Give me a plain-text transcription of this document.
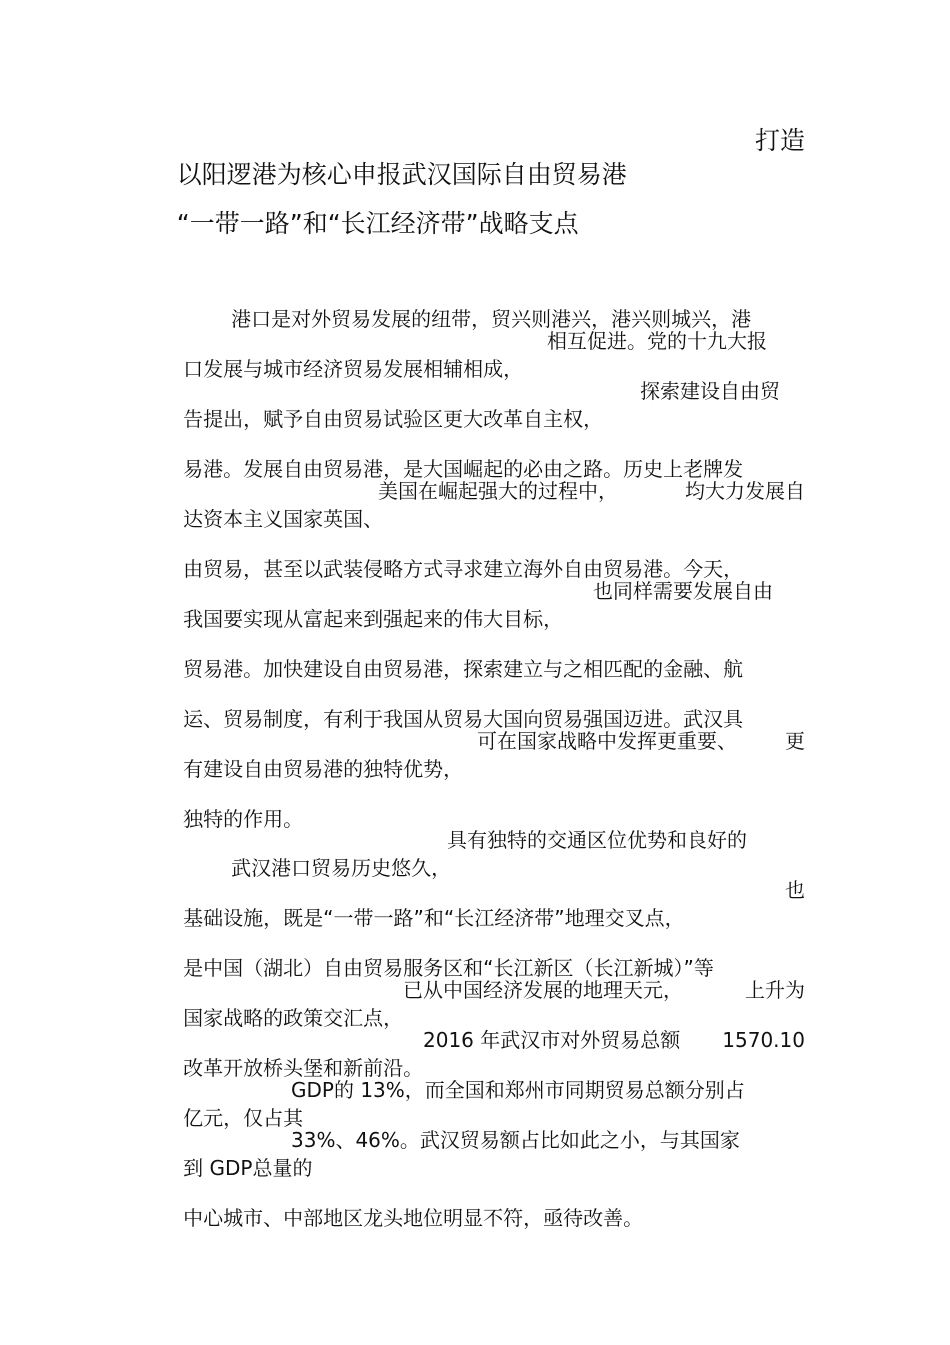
以阳逻港为核心申报武汉国际自由贸易港

打造

“一带一路”和“长江经济带”战略支点

港口是对外贸易发展的纽带，贸兴则港兴，港兴则城兴，港

口发展与城市经济贸易发展相辅相成，

相互促进。党的十九大报

告提出，赋予自由贸易试验区更大改革自主权，

探索建设自由贸

易港。发展自由贸易港，是大国崛起的必由之路。历史上老牌发

达资本主义国家英国、

美国在崛起强大的过程中，

	均大力发展自

由贸易，甚至以武装侵略方式寻求建立海外自由贸易港。今天，

我国要实现从富起来到强起来的伟大目标，

也同样需要发展自由

贸易港。加快建设自由贸易港，探索建立与之相匹配的金融、航

运、贸易制度，有利于我国从贸易大国向贸易强国迈进。武汉具

有建设自由贸易港的独特优势，

可在国家战略中发挥更重要、

更

独特的作用。

武汉港口贸易历史悠久，

具有独特的交通区位优势和良好的

基础设施，既是“一带一路”和“长江经济带”地理交叉点，

也

是中国（湖北）自由贸易服务区和“长江新区（长江新城）”等

国家战略的政策交汇点，

已从中国经济发展的地理天元，

	上升为

改革开放桥头堡和新前沿。

2016 年武汉市对外贸易总额

1570.10

亿元，仅占其

GDP的 13%，而全国和郑州市同期贸易总额分别占

到 GDP总量的

33%、46%。武汉贸易额占比如此之小，与其国家

中心城市、中部地区龙头地位明显不符，亟待改善。
